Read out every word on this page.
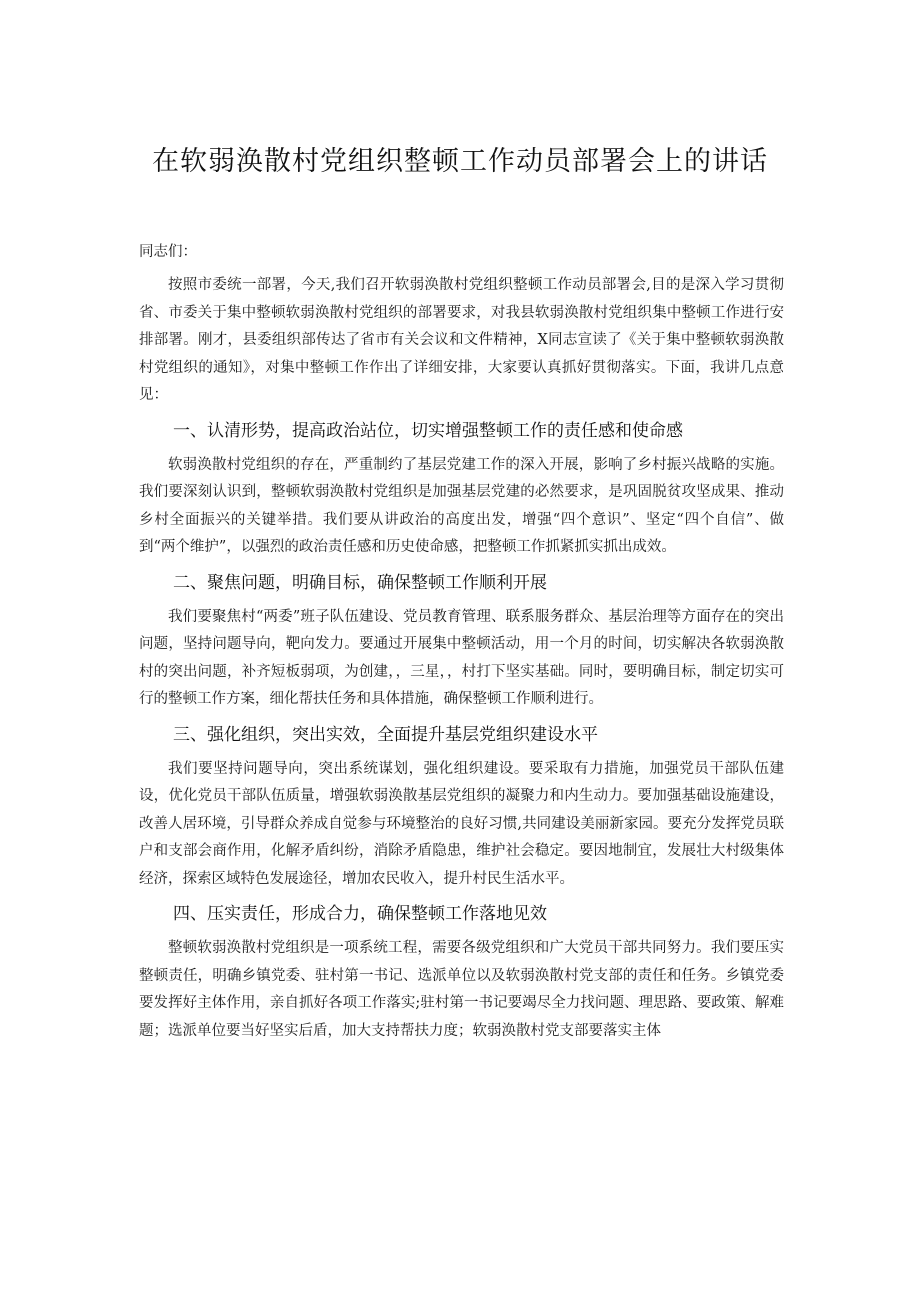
在软弱涣散村党组织整顿工作动员部署会上的讲话

同志们：

按照市委统一部署，今天,我们召开软弱涣散村党组织整顿工作动员部署会,目的是深入学习贯彻省、市委关于集中整顿软弱涣散村党组织的部署要求，对我县软弱涣散村党组织集中整顿工作进行安排部署。刚才，县委组织部传达了省市有关会议和文件精神，X同志宣读了《关于集中整顿软弱涣散村党组织的通知》，对集中整顿工作作出了详细安排，大家要认真抓好贯彻落实。下面，我讲几点意见：

一、认清形势，提高政治站位，切实增强整顿工作的责任感和使命感

软弱涣散村党组织的存在，严重制约了基层党建工作的深入开展，影响了乡村振兴战略的实施。我们要深刻认识到，整顿软弱涣散村党组织是加强基层党建的必然要求，是巩固脱贫攻坚成果、推动乡村全面振兴的关键举措。我们要从讲政治的高度出发，增强“四个意识”、坚定“四个自信”、做到“两个维护”，以强烈的政治责任感和历史使命感，把整顿工作抓紧抓实抓出成效。

二、聚焦问题，明确目标，确保整顿工作顺利开展

我们要聚焦村“两委”班子队伍建设、党员教育管理、联系服务群众、基层治理等方面存在的突出问题，坚持问题导向，靶向发力。要通过开展集中整顿活动，用一个月的时间，切实解决各软弱涣散村的突出问题，补齐短板弱项，为创建，，三星，，村打下坚实基础。同时，要明确目标，制定切实可行的整顿工作方案，细化帮扶任务和具体措施，确保整顿工作顺利进行。

三、强化组织，突出实效，全面提升基层党组织建设水平

我们要坚持问题导向，突出系统谋划，强化组织建设。要采取有力措施，加强党员干部队伍建设，优化党员干部队伍质量，增强软弱涣散基层党组织的凝聚力和内生动力。要加强基础设施建设，改善人居环境，引导群众养成自觉参与环境整治的良好习惯,共同建设美丽新家园。要充分发挥党员联户和支部会商作用，化解矛盾纠纷，消除矛盾隐患，维护社会稳定。要因地制宜，发展壮大村级集体经济，探索区域特色发展途径，增加农民收入，提升村民生活水平。

四、压实责任，形成合力，确保整顿工作落地见效

整顿软弱涣散村党组织是一项系统工程，需要各级党组织和广大党员干部共同努力。我们要压实整顿责任，明确乡镇党委、驻村第一书记、选派单位以及软弱涣散村党支部的责任和任务。乡镇党委要发挥好主体作用，亲自抓好各项工作落实;驻村第一书记要竭尽全力找问题、理思路、要政策、解难题；选派单位要当好坚实后盾，加大支持帮扶力度；软弱涣散村党支部要落实主体
